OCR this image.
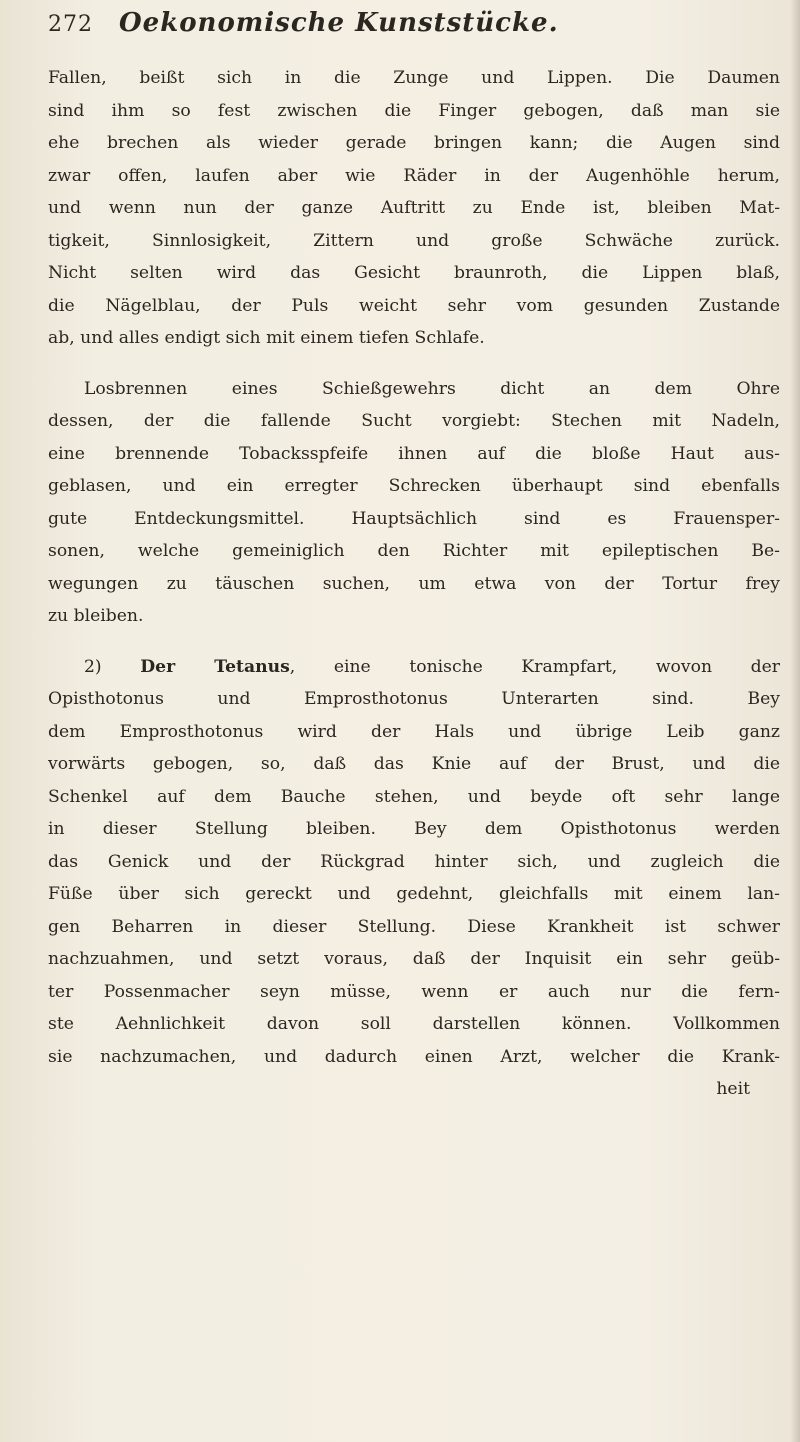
272 Oekonomische Kunststücke.
Fallen, beißt sich in die Zunge und Lippen. Die Daumen
sind ihm so fest zwischen die Finger gebogen, daß man sie
ehe brechen als wieder gerade bringen kann; die Augen sind
zwar offen, laufen aber wie Räder in der Augenhöhle herum,
und wenn nun der ganze Auftritt zu Ende ist, bleiben Mat-
tigkeit, Sinnlosigkeit, Zittern und große Schwäche zurück.
Nicht selten wird das Gesicht braunroth, die Lippen blaß,
die Nägelblau, der Puls weicht sehr vom gesunden Zustande
ab, und alles endigt sich mit einem tiefen Schlafe.
Losbrennen eines Schießgewehrs dicht an dem Ohre
dessen, der die fallende Sucht vorgiebt: Stechen mit Nadeln,
eine brennende Tobacksspfeife ihnen auf die bloße Haut aus-
geblasen, und ein erregter Schrecken überhaupt sind ebenfalls
gute Entdeckungsmittel. Hauptsächlich sind es Frauensper-
sonen, welche gemeiniglich den Richter mit epileptischen Be-
wegungen zu täuschen suchen, um etwa von der Tortur frey
zu bleiben.
2) Der Tetanus, eine tonische Krampfart, wovon der
Opisthotonus und Emprosthotonus Unterarten sind. Bey
dem Emprosthotonus wird der Hals und übrige Leib ganz
vorwärts gebogen, so, daß das Knie auf der Brust, und die
Schenkel auf dem Bauche stehen, und beyde oft sehr lange
in dieser Stellung bleiben. Bey dem Opisthotonus werden
das Genick und der Rückgrad hinter sich, und zugleich die
Füße über sich gereckt und gedehnt, gleichfalls mit einem lan-
gen Beharren in dieser Stellung. Diese Krankheit ist schwer
nachzuahmen, und setzt voraus, daß der Inquisit ein sehr geüb-
ter Possenmacher seyn müsse, wenn er auch nur die fern-
ste Aehnlichkeit davon soll darstellen können. Vollkommen
sie nachzumachen, und dadurch einen Arzt, welcher die Krank-
heit
